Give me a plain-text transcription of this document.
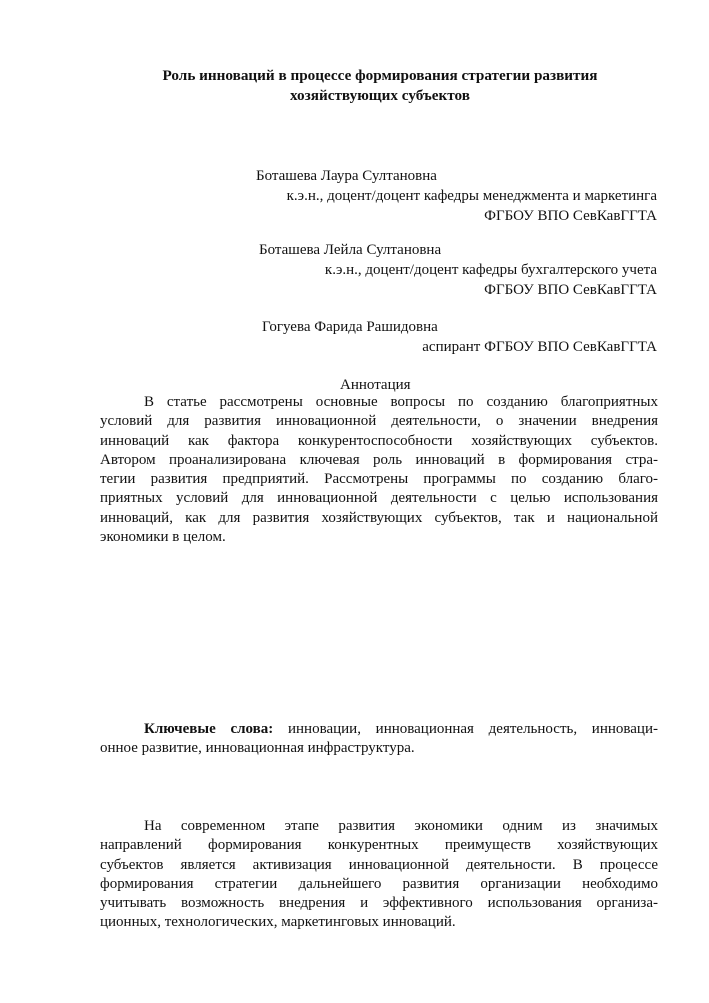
Роль инноваций в процессе формирования стратегии развития
хозяйствующих субъектов
Боташева Лаура Султановна
к.э.н., доцент/доцент кафедры менеджмента и маркетинга
ФГБОУ ВПО СевКавГГТА
Боташева Лейла Султановна
к.э.н., доцент/доцент кафедры бухгалтерского учета
ФГБОУ ВПО СевКавГГТА
Гогуева Фарида Рашидовна
аспирант ФГБОУ ВПО СевКавГГТА
Аннотация
В статье рассмотрены основные вопросы по созданию благоприятных
условий для развития инновационной деятельности, о значении внедрения
инноваций как фактора конкурентоспособности хозяйствующих субъектов.
Автором проанализирована ключевая роль инноваций в формирования стра-
тегии развития предприятий. Рассмотрены программы по созданию благо-
приятных условий для инновационной деятельности с целью использования
инноваций, как для развития хозяйствующих субъектов, так и национальной
экономики в целом.
Ключевые слова: инновации, инновационная деятельность, инноваци-
онное развитие, инновационная инфраструктура.
На современном этапе развития экономики одним из значимых
направлений формирования конкурентных преимуществ хозяйствующих
субъектов является активизация инновационной деятельности. В процессе
формирования стратегии дальнейшего развития организации необходимо
учитывать возможность внедрения и эффективного использования организа-
ционных, технологических, маркетинговых инноваций.
